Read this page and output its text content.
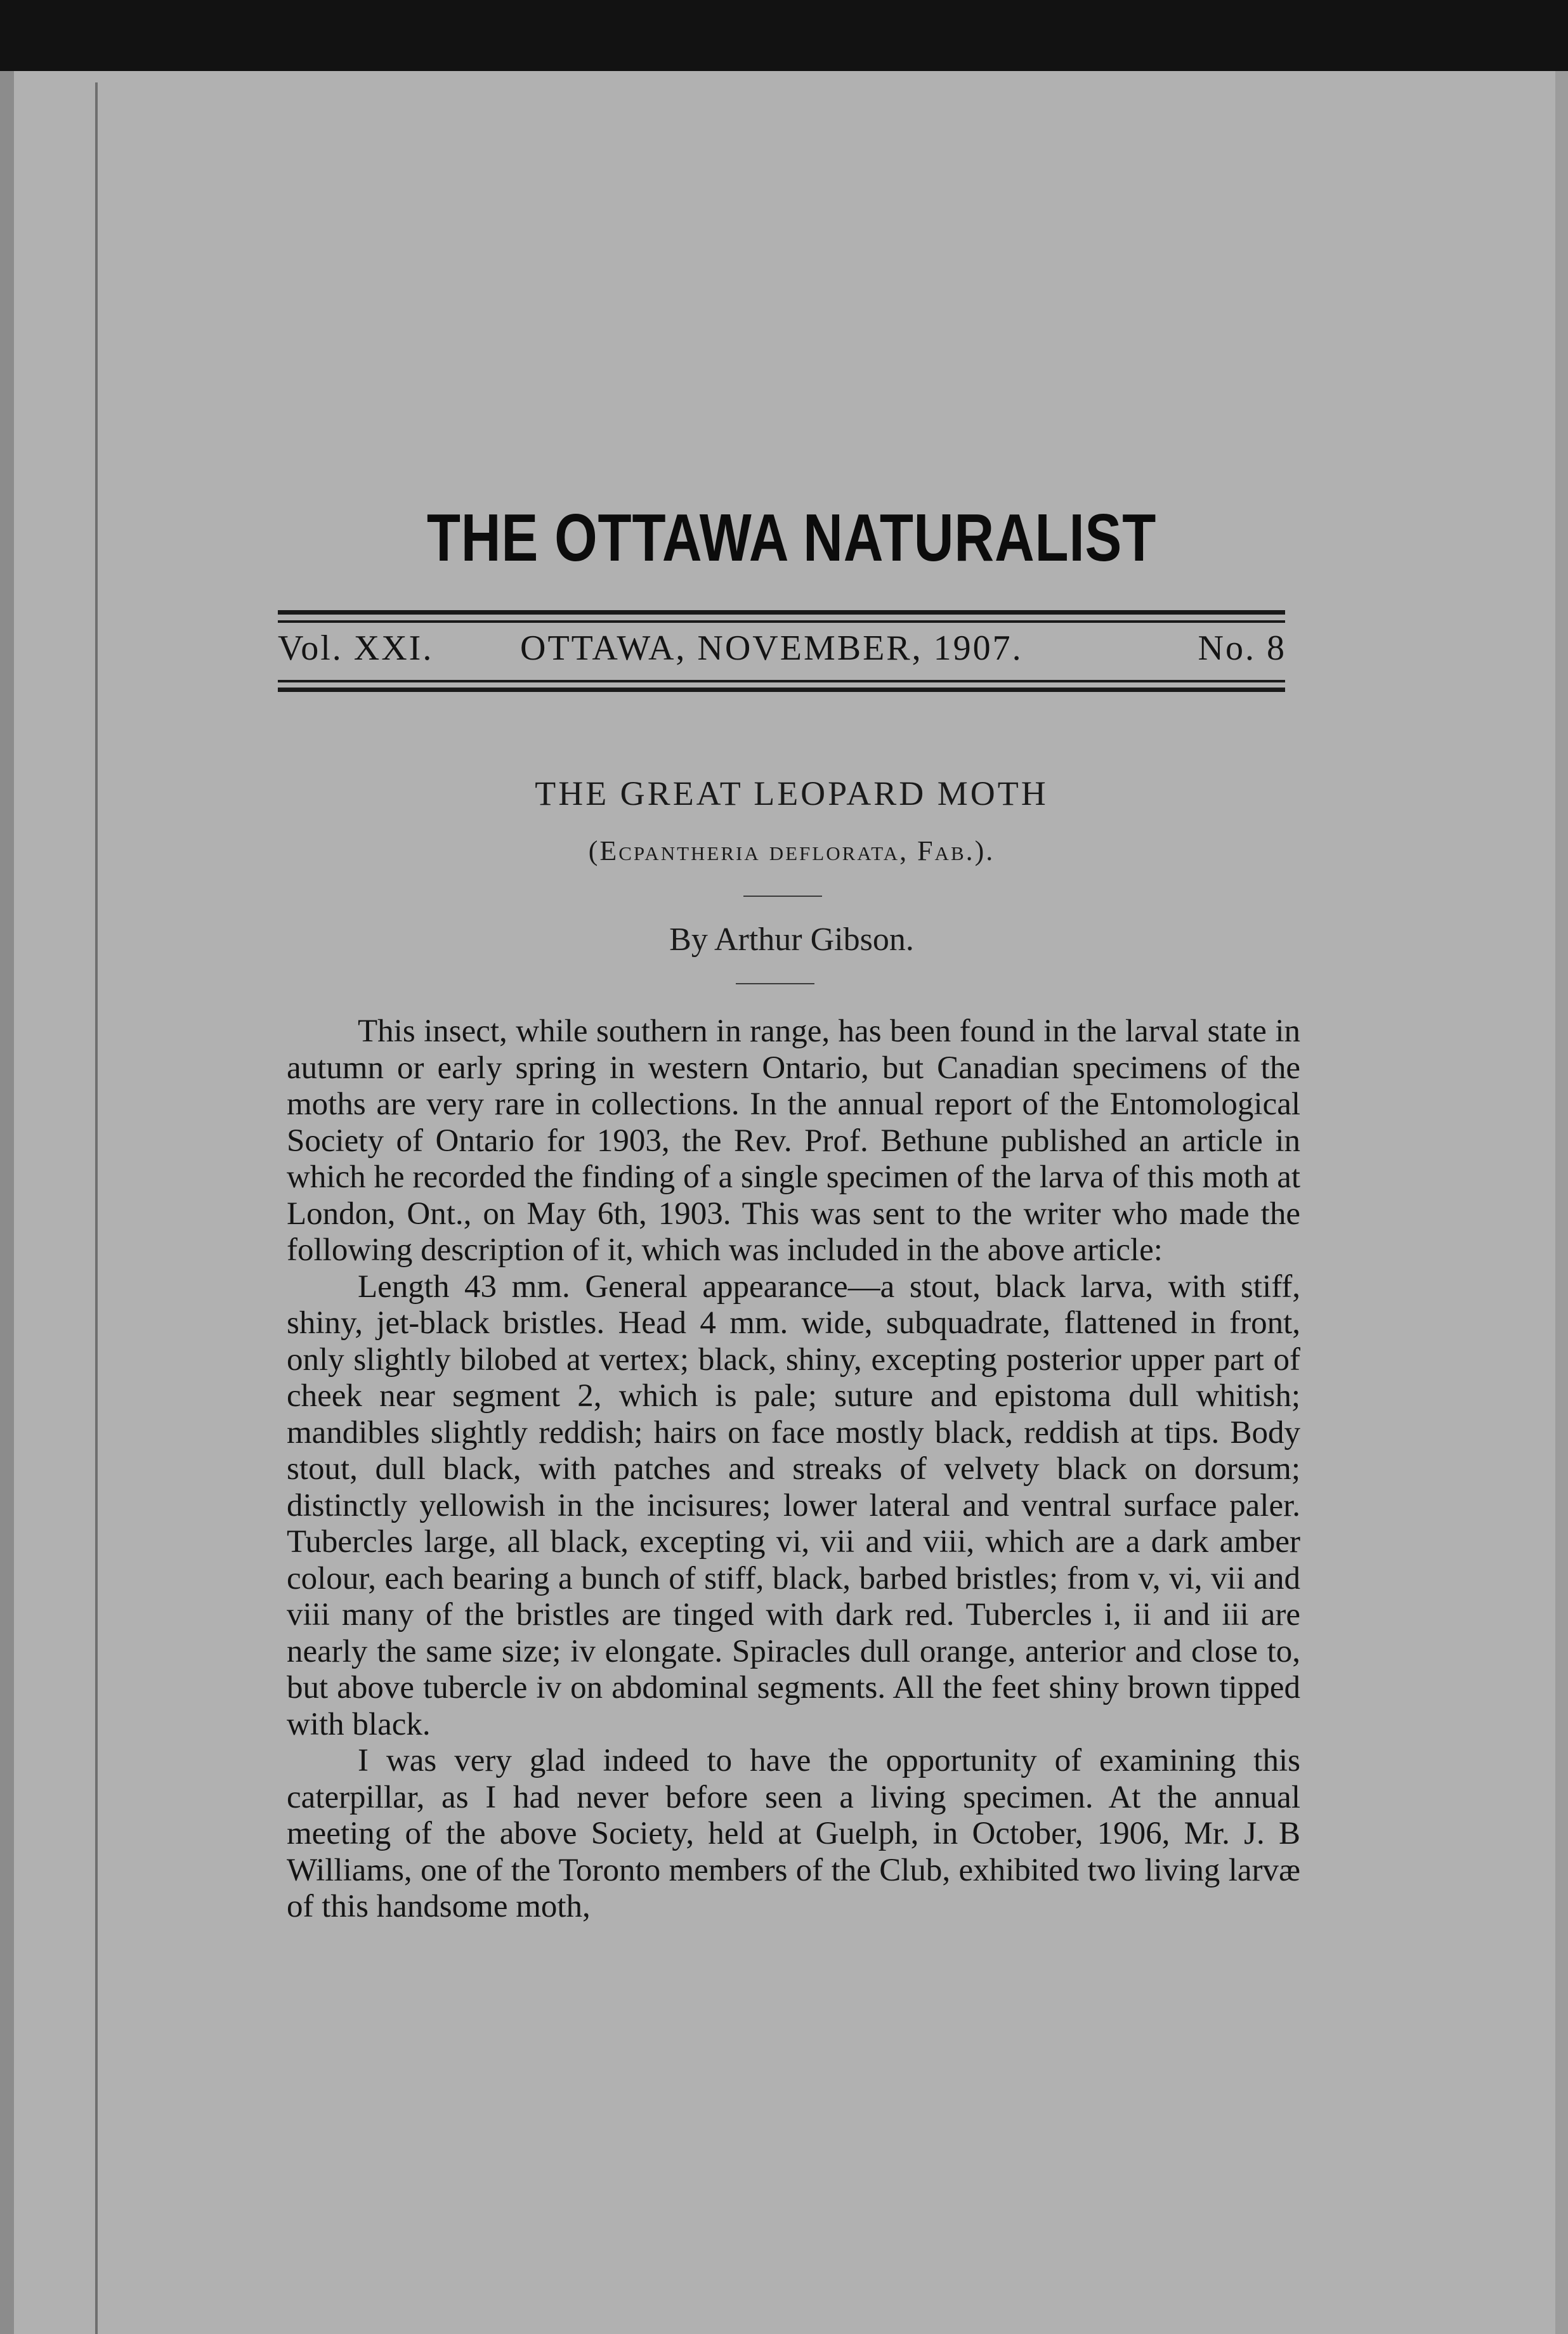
THE OTTAWA NATURALIST
Vol. XXI. OTTAWA, NOVEMBER, 1907.	No. 8
THE GREAT LEOPARD MOTH
(Ecpantheria deflorata, Fab.).
By Arthur Gibson.

This insect, while southern in range, has been found in the larval state in autumn or early spring in western Ontario, but Canadian specimens of the moths are very rare in collections. In the annual report of the Entomological Society of Ontario for 1903, the Rev. Prof. Bethune published an article in which he recorded the finding of a single specimen of the larva of this moth at London, Ont., on May 6th, 1903. This was sent to the writer who made the following description of it, which was included in the above article:

Length 43 mm. General appearance—a stout, black larva, with stiff, shiny, jet-black bristles. Head 4 mm. wide, subquadrate, flattened in front, only slightly bilobed at vertex; black, shiny, excepting posterior upper part of cheek near segment 2, which is pale; suture and epistoma dull whitish; mandibles slightly reddish; hairs on face mostly black, reddish at tips. Body stout, dull black, with patches and streaks of velvety black on dorsum; distinctly yellowish in the incisures; lower lateral and ventral surface paler. Tubercles large, all black, excepting vi, vii and viii, which are a dark amber colour, each bearing a bunch of stiff, black, barbed bristles; from v, vi, vii and viii many of the bristles are tinged with dark red. Tubercles i, ii and iii are nearly the same size; iv elongate. Spiracles dull orange, anterior and close to, but above tubercle iv on abdominal segments. All the feet shiny brown tipped with black.

I was very glad indeed to have the opportunity of examining this caterpillar, as I had never before seen a living specimen. At the annual meeting of the above Society, held at Guelph, in October, 1906, Mr. J. B Williams, one of the Toronto members of the Club, exhibited two living larvæ of this handsome moth,
